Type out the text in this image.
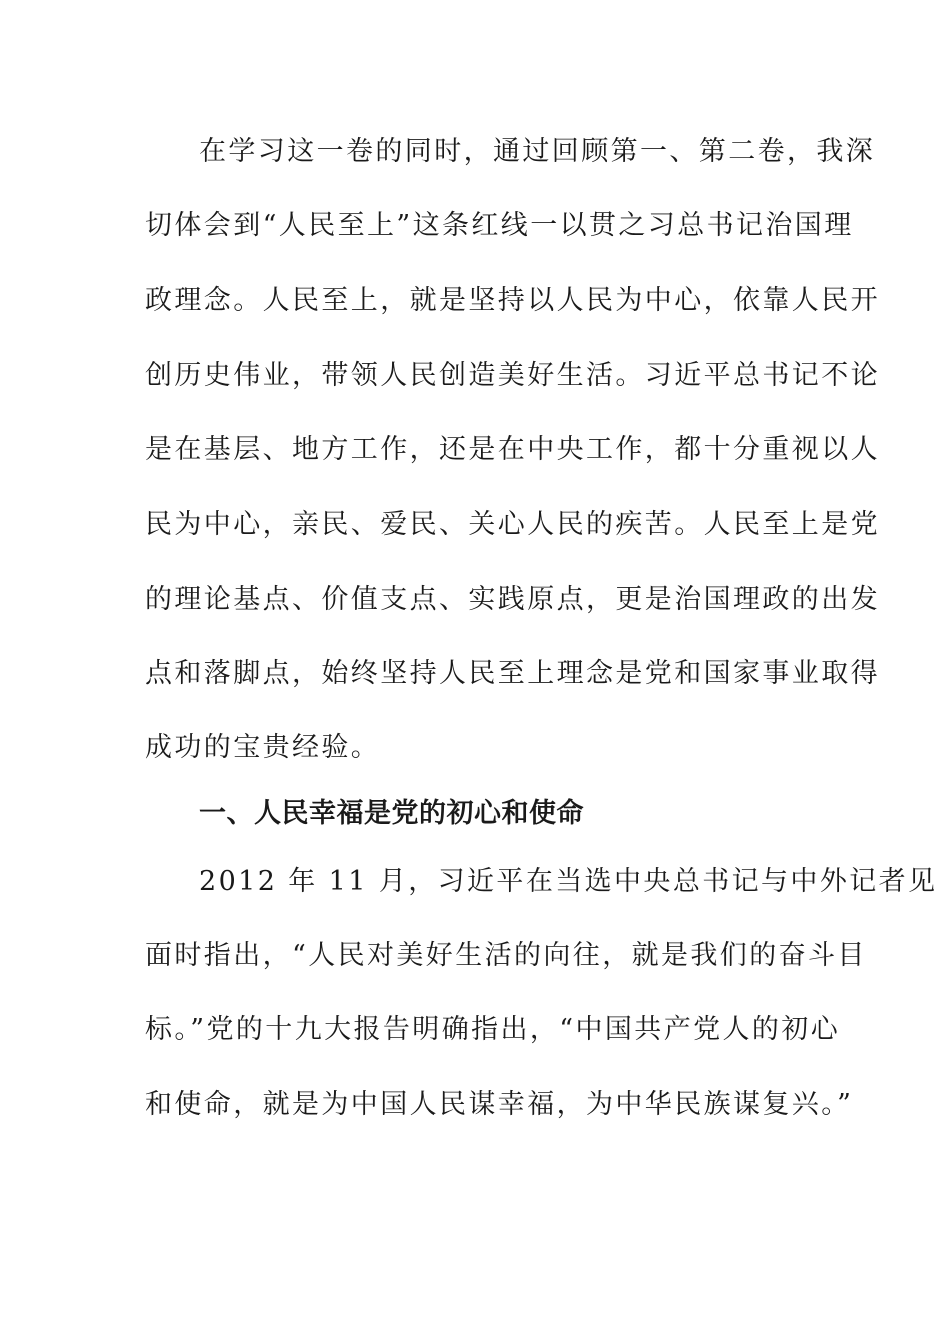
在学习这一卷的同时，通过回顾第一、第二卷，我深
切体会到“人民至上”这条红线一以贯之习总书记治国理
政理念。人民至上，就是坚持以人民为中心，依靠人民开
创历史伟业，带领人民创造美好生活。习近平总书记不论
是在基层、地方工作，还是在中央工作，都十分重视以人
民为中心，亲民、爱民、关心人民的疾苦。人民至上是党
的理论基点、价值支点、实践原点，更是治国理政的出发
点和落脚点，始终坚持人民至上理念是党和国家事业取得
成功的宝贵经验。
一、人民幸福是党的初心和使命
2012 年 11 月，习近平在当选中央总书记与中外记者见
面时指出，“人民对美好生活的向往，就是我们的奋斗目
标。”党的十九大报告明确指出，“中国共产党人的初心
和使命，就是为中国人民谋幸福，为中华民族谋复兴。”
